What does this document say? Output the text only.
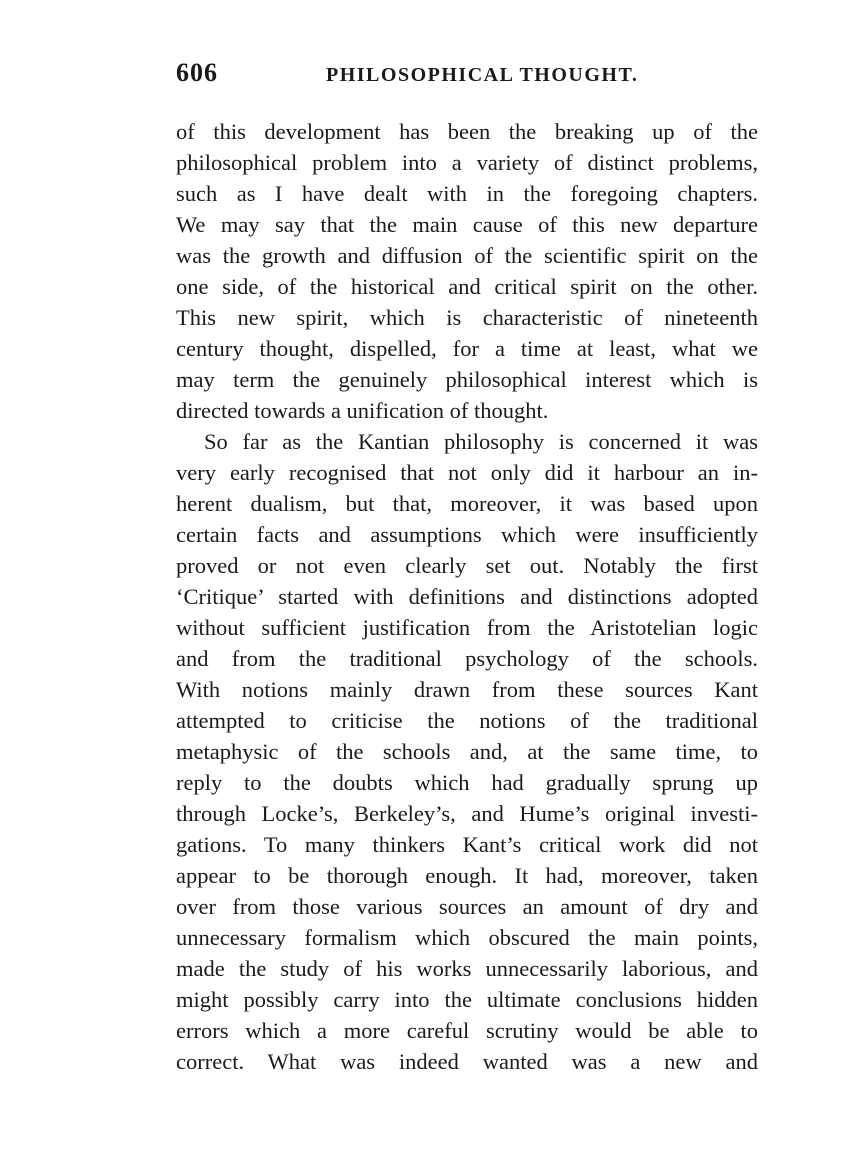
606	PHILOSOPHICAL THOUGHT.
of this development has been the breaking up of the
philosophical problem into a variety of distinct problems,
such as I have dealt with in the foregoing chapters.
We may say that the main cause of this new departure
was the growth and diffusion of the scientific spirit on the
one side, of the historical and critical spirit on the other.
This new spirit, which is characteristic of nineteenth
century thought, dispelled, for a time at least, what we
may term the genuinely philosophical interest which is
directed towards a unification of thought.
So far as the Kantian philosophy is concerned it was
very early recognised that not only did it harbour an in-
herent dualism, but that, moreover, it was based upon
certain facts and assumptions which were insufficiently
proved or not even clearly set out. Notably the first
‘Critique’ started with definitions and distinctions adopted
without sufficient justification from the Aristotelian logic
and from the traditional psychology of the schools.
With notions mainly drawn from these sources Kant
attempted to criticise the notions of the traditional
metaphysic of the schools and, at the same time, to
reply to the doubts which had gradually sprung up
through Locke’s, Berkeley’s, and Hume’s original investi-
gations. To many thinkers Kant’s critical work did not
appear to be thorough enough. It had, moreover, taken
over from those various sources an amount of dry and
unnecessary formalism which obscured the main points,
made the study of his works unnecessarily laborious, and
might possibly carry into the ultimate conclusions hidden
errors which a more careful scrutiny would be able to
correct. What was indeed wanted was a new and
